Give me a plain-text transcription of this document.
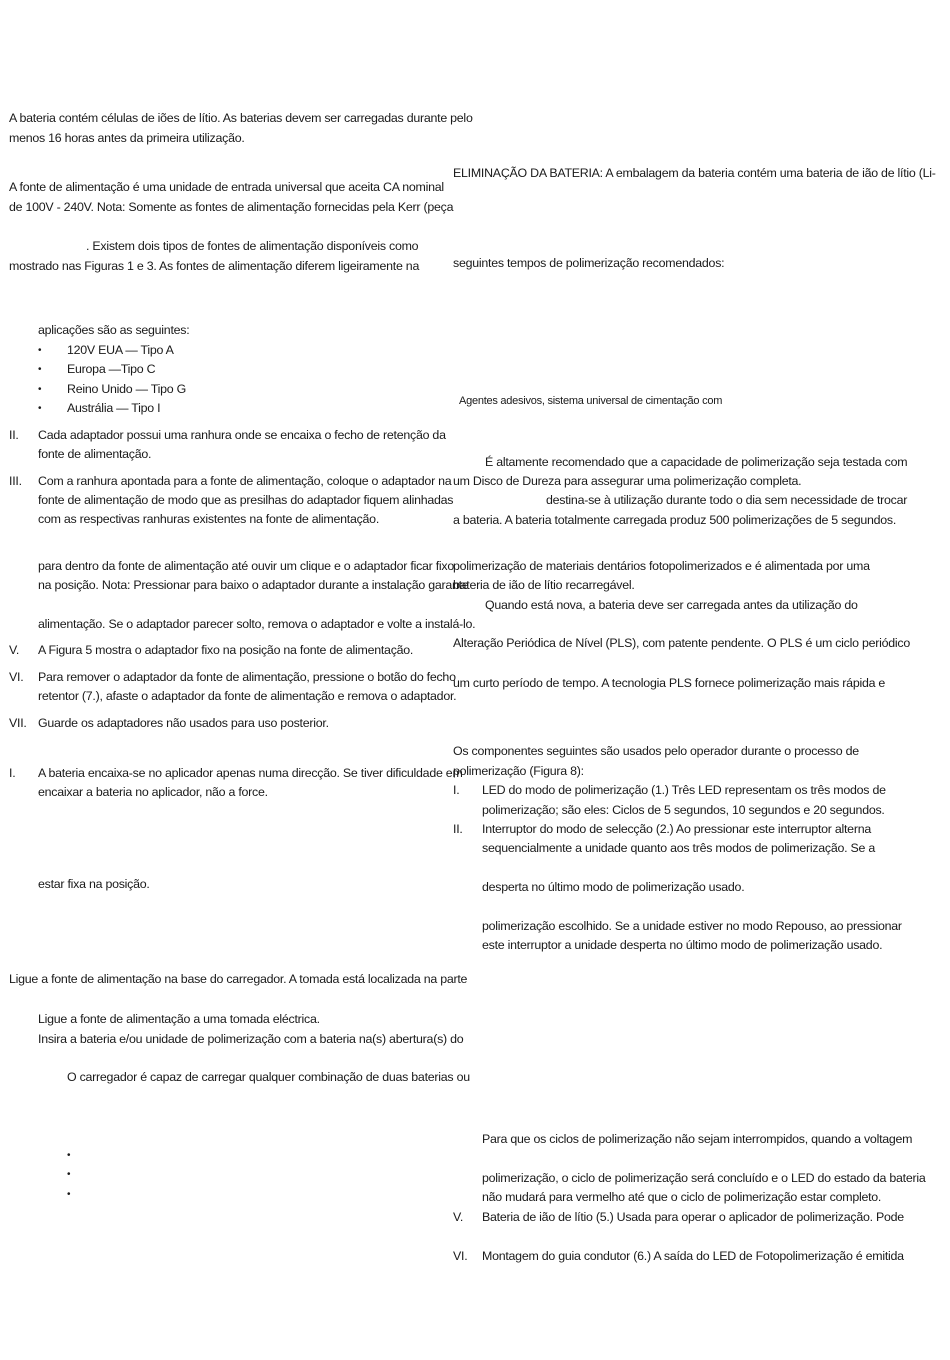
A bateria contém células de iões de lítio. As baterias devem ser carregadas durante pelo
menos 16 horas antes da primeira utilização.
A fonte de alimentação é uma unidade de entrada universal que aceita CA nominal
de 100V - 240V. Nota: Somente as fontes de alimentação fornecidas pela Kerr (peça
. Existem dois tipos de fontes de alimentação disponíveis como
mostrado nas Figuras 1 e 3. As fontes de alimentação diferem ligeiramente na
aplicações são as seguintes:
• 120V EUA — Tipo A
• Europa —Tipo C
• Reino Unido — Tipo G
• Austrália — Tipo I
II. Cada adaptador possui uma ranhura onde se encaixa o fecho de retenção da
fonte de alimentação.
III. Com a ranhura apontada para a fonte de alimentação, coloque o adaptador na
fonte de alimentação de modo que as presilhas do adaptador fiquem alinhadas
com as respectivas ranhuras existentes na fonte de alimentação.
para dentro da fonte de alimentação até ouvir um clique e o adaptador ficar fixo
na posição. Nota: Pressionar para baixo o adaptador durante a instalação garante
alimentação. Se o adaptador parecer solto, remova o adaptador e volte a instalá-lo.
V. A Figura 5 mostra o adaptador fixo na posição na fonte de alimentação.
VI. Para remover o adaptador da fonte de alimentação, pressione o botão do fecho
retentor (7.), afaste o adaptador da fonte de alimentação e remova o adaptador.
VII. Guarde os adaptadores não usados para uso posterior.
I. A bateria encaixa-se no aplicador apenas numa direcção. Se tiver dificuldade em
encaixar a bateria no aplicador, não a force.
estar fixa na posição.
Ligue a fonte de alimentação na base do carregador. A tomada está localizada na parte
Ligue a fonte de alimentação a uma tomada eléctrica.
Insira a bateria e/ou unidade de polimerização com a bateria na(s) abertura(s) do
O carregador é capaz de carregar qualquer combinação de duas baterias ou
•
•
•
ELIMINAÇÃO DA BATERIA: A embalagem da bateria contém uma bateria de ião de lítio (Li-
seguintes tempos de polimerização recomendados:
Agentes adesivos, sistema universal de cimentação com
É altamente recomendado que a capacidade de polimerização seja testada com
um Disco de Dureza para assegurar uma polimerização completa.
destina-se à utilização durante todo o dia sem necessidade de trocar
a bateria. A bateria totalmente carregada produz 500 polimerizações de 5 segundos.
polimerização de materiais dentários fotopolimerizados e é alimentada por uma
bateria de ião de lítio recarregável.
Quando está nova, a bateria deve ser carregada antes da utilização do
Alteração Periódica de Nível (PLS), com patente pendente. O PLS é um ciclo periódico
um curto período de tempo. A tecnologia PLS fornece polimerização mais rápida e
Os componentes seguintes são usados pelo operador durante o processo de
polimerização (Figura 8):
I. LED do modo de polimerização (1.) Três LED representam os três modos de
polimerização; são eles: Ciclos de 5 segundos, 10 segundos e 20 segundos.
II. Interruptor do modo de selecção (2.) Ao pressionar este interruptor alterna
sequencialmente a unidade quanto aos três modos de polimerização. Se a
desperta no último modo de polimerização usado.
polimerização escolhido. Se a unidade estiver no modo Repouso, ao pressionar
este interruptor a unidade desperta no último modo de polimerização usado.
Para que os ciclos de polimerização não sejam interrompidos, quando a voltagem
polimerização, o ciclo de polimerização será concluído e o LED do estado da bateria
não mudará para vermelho até que o ciclo de polimerização estar completo.
V. Bateria de ião de lítio (5.) Usada para operar o aplicador de polimerização. Pode
VI. Montagem do guia condutor (6.) A saída do LED de Fotopolimerização é emitida
